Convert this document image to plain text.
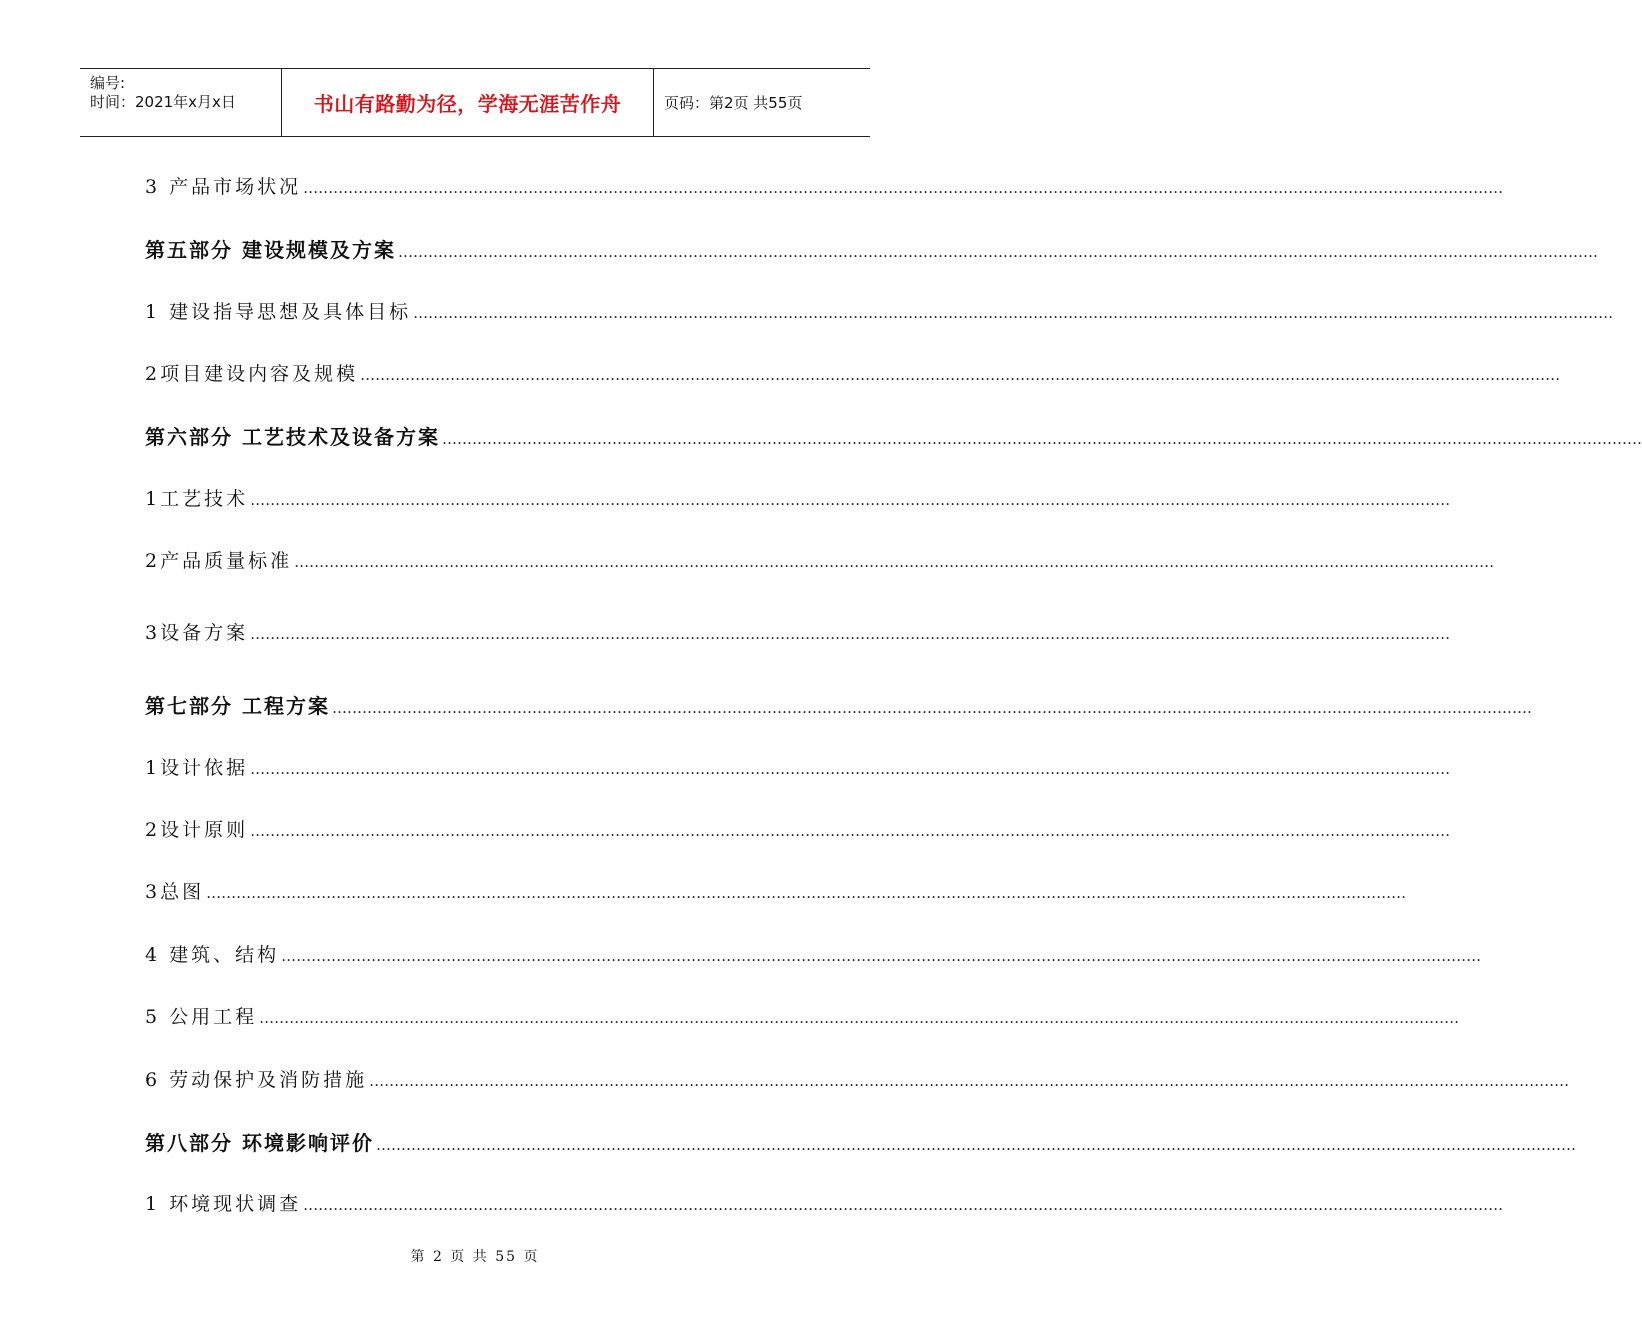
编号:
时间：2021年x月x日	书山有路勤为径，学海无涯苦作舟	页码：第2页 共55页
3 产品市场状况 ……………………………………………………………………………………………………………………………………………………………………………………………………………………
第五部分 建设规模及方案 ……………………………………………………………………………………………………………………………………………………………………………………………………………………
1 建设指导思想及具体目标 ……………………………………………………………………………………………………………………………………………………………………………………………………………………
2项目建设内容及规模 ……………………………………………………………………………………………………………………………………………………………………………………………………………………
第六部分 工艺技术及设备方案 ……………………………………………………………………………………………………………………………………………………………………………………………………………………
1工艺技术 ……………………………………………………………………………………………………………………………………………………………………………………………………………………
2产品质量标准 ……………………………………………………………………………………………………………………………………………………………………………………………………………………
3设备方案 ……………………………………………………………………………………………………………………………………………………………………………………………………………………
第七部分 工程方案 ……………………………………………………………………………………………………………………………………………………………………………………………………………………
1设计依据 ……………………………………………………………………………………………………………………………………………………………………………………………………………………
2设计原则 ……………………………………………………………………………………………………………………………………………………………………………………………………………………
3总图 ……………………………………………………………………………………………………………………………………………………………………………………………………………………
4 建筑、结构 ……………………………………………………………………………………………………………………………………………………………………………………………………………………
5 公用工程 ……………………………………………………………………………………………………………………………………………………………………………………………………………………
6 劳动保护及消防措施 ……………………………………………………………………………………………………………………………………………………………………………………………………………………
第八部分 环境影响评价 ……………………………………………………………………………………………………………………………………………………………………………………………………………………
1 环境现状调查 ……………………………………………………………………………………………………………………………………………………………………………………………………………………
第 2 页 共 55 页
